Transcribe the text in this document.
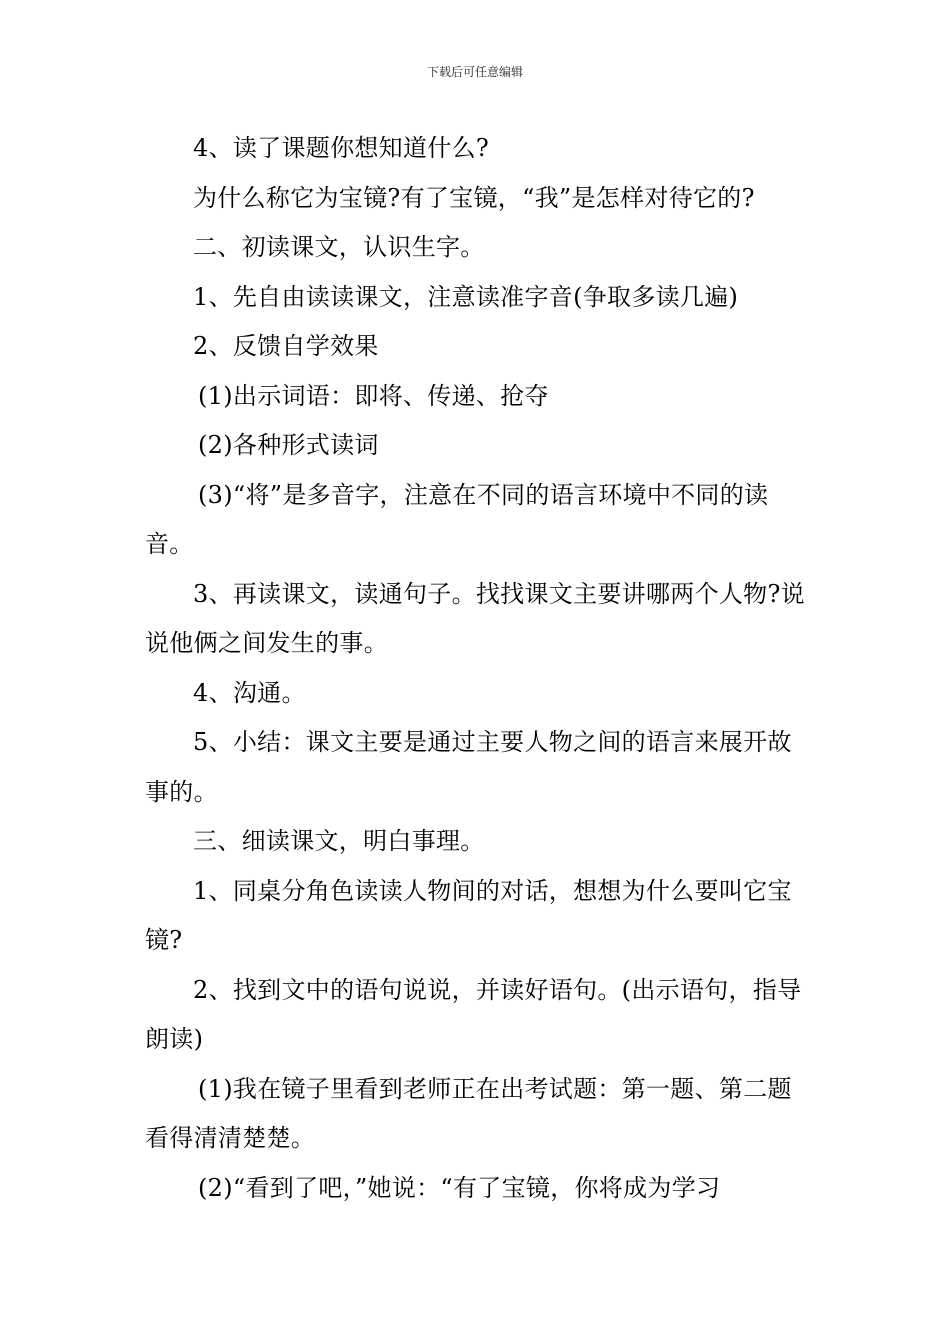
下载后可任意编辑

4、读了课题你想知道什么?

为什么称它为宝镜?有了宝镜，“我”是怎样对待它的?

二、初读课文，认识生字。

1、先自由读读课文，注意读准字音(争取多读几遍)

2、反馈自学效果

(1)出示词语：即将、传递、抢夺

(2)各种形式读词

(3)“将”是多音字，注意在不同的语言环境中不同的读音。

3、再读课文，读通句子。找找课文主要讲哪两个人物?说说他俩之间发生的事。

4、沟通。

5、小结：课文主要是通过主要人物之间的语言来展开故事的。

三、细读课文，明白事理。

1、同桌分角色读读人物间的对话，想想为什么要叫它宝镜?

2、找到文中的语句说说，并读好语句。(出示语句，指导朗读)

(1)我在镜子里看到老师正在出考试题：第一题、第二题看得清清楚楚。

(2)“看到了吧，”她说：“有了宝镜，你将成为学习
